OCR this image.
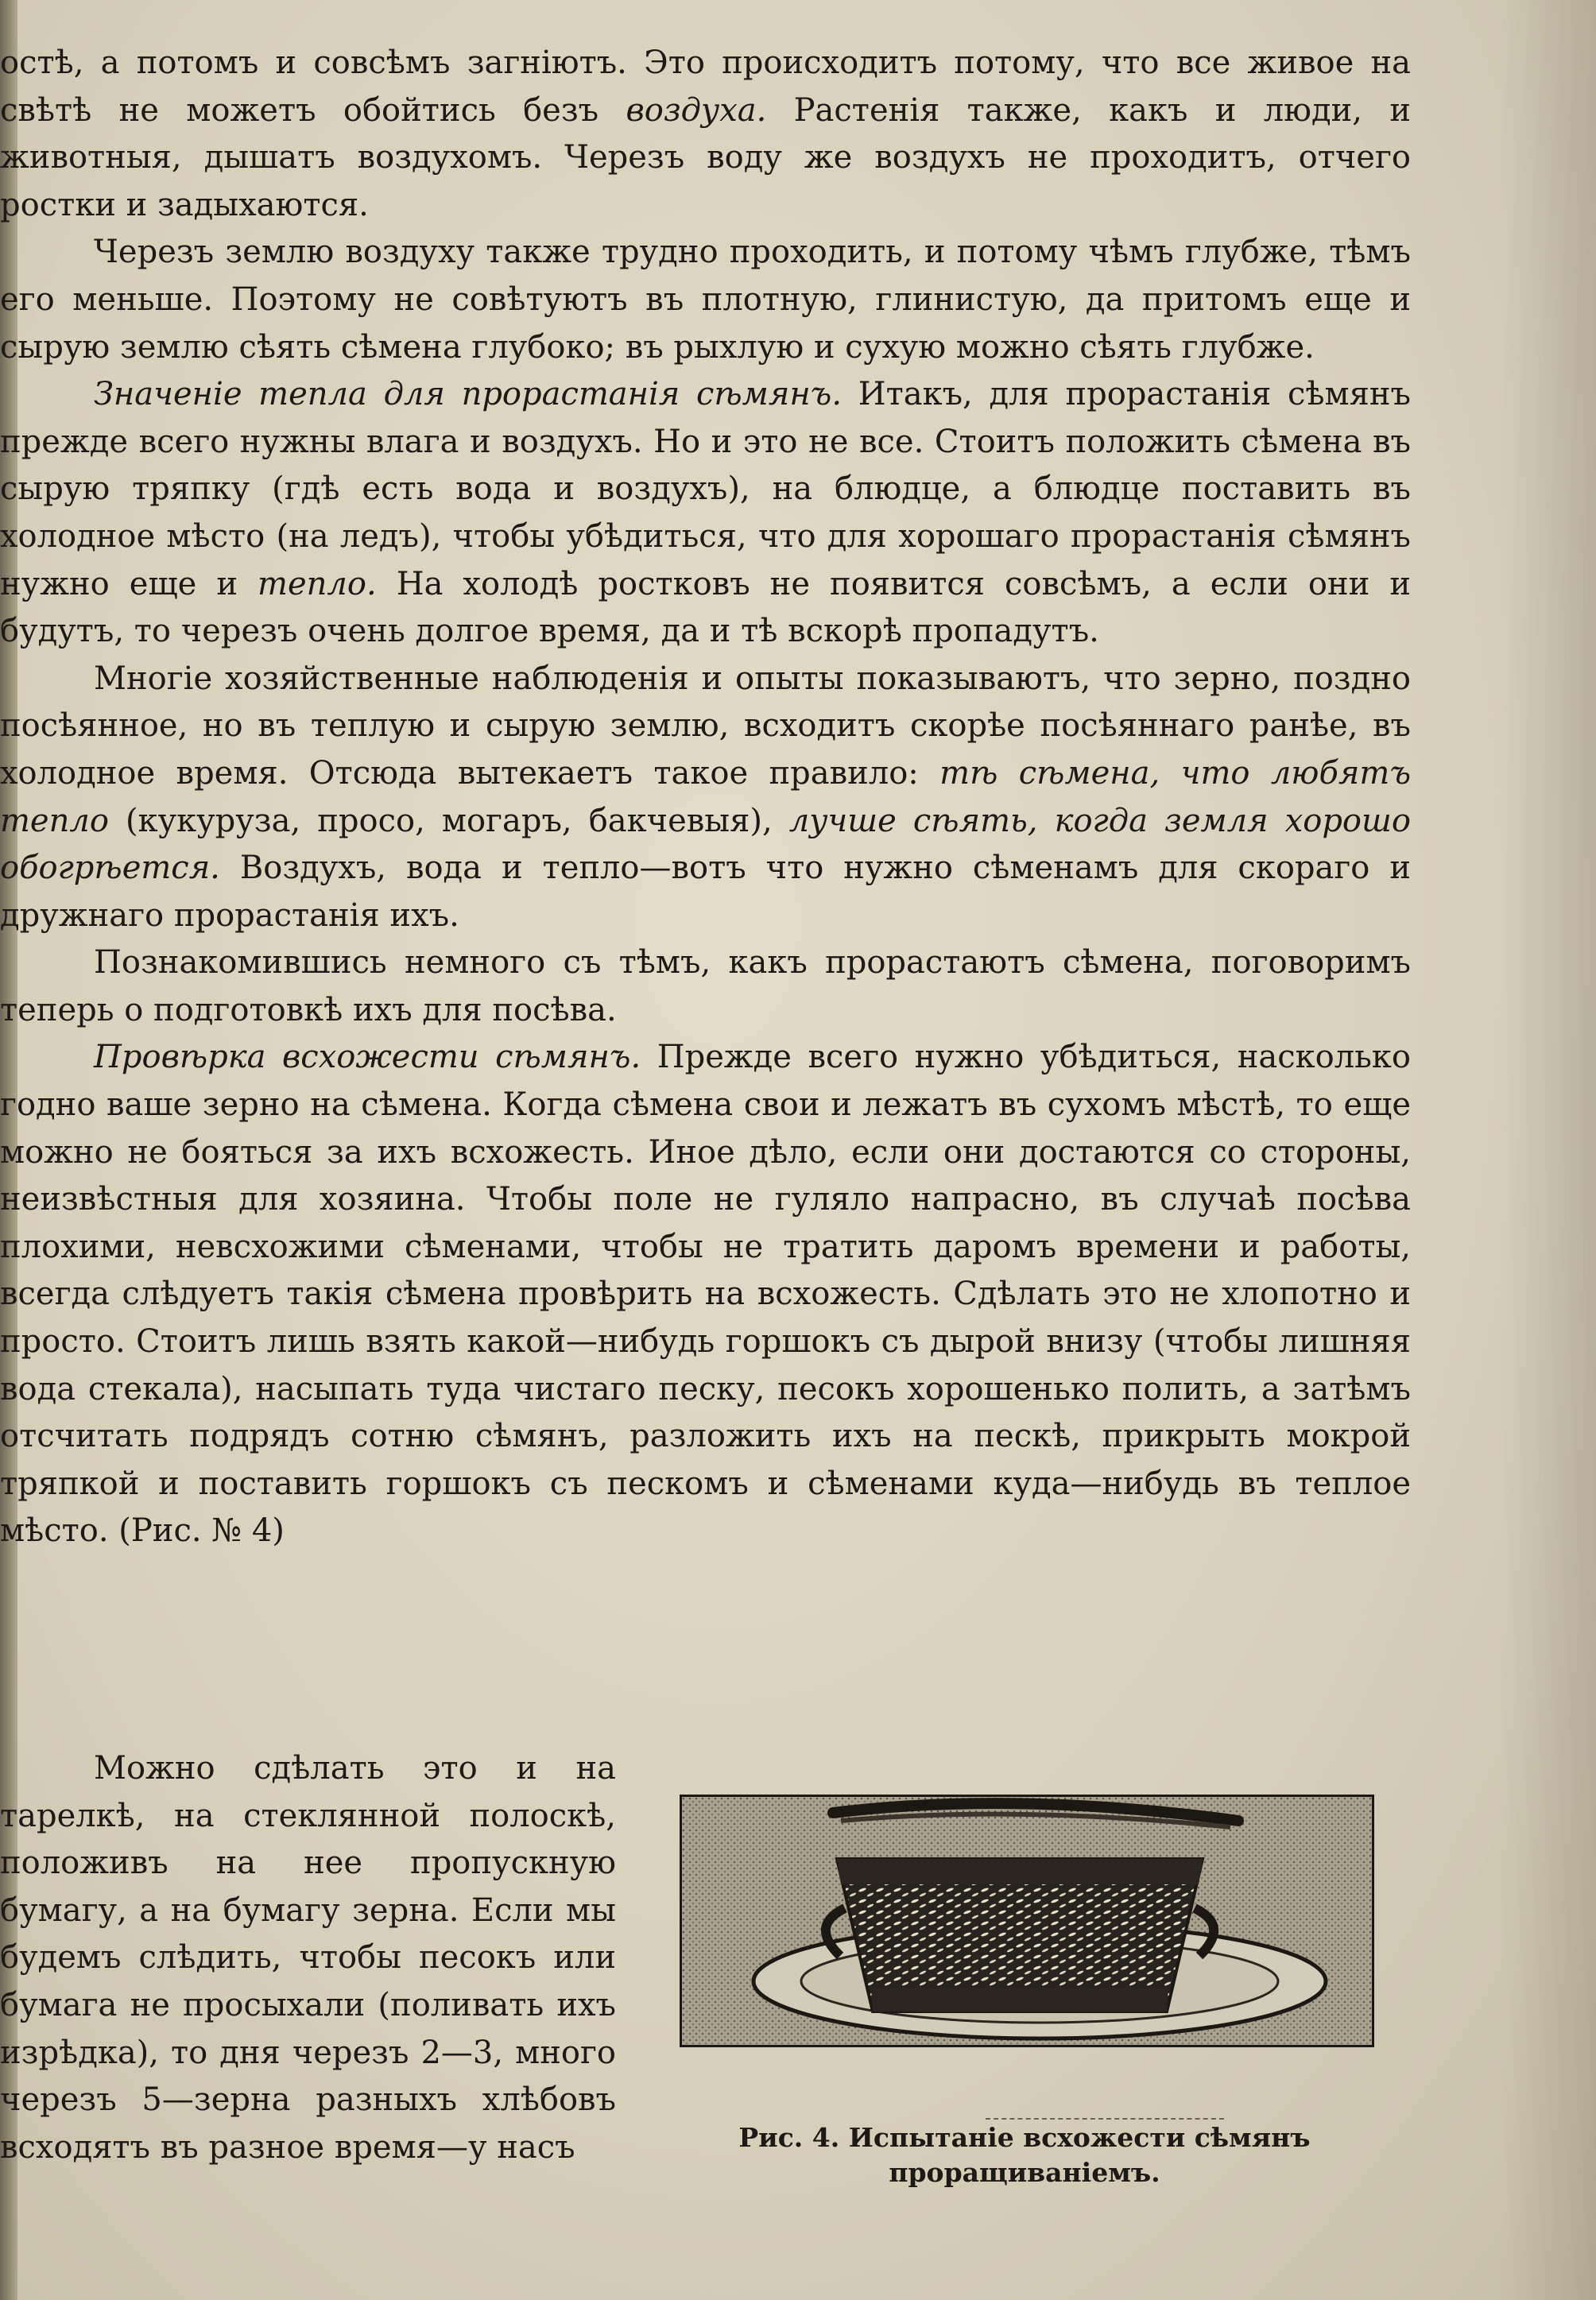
остѣ, а потомъ и совсѣмъ загніютъ. Это происходитъ потому, что все живое на свѣтѣ не можетъ обойтись безъ воздуха. Растенія также, какъ и люди, и животныя, дышатъ воздухомъ. Черезъ воду же воздухъ не проходитъ, отчего ростки и задыхаются.

Черезъ землю воздуху также трудно проходить, и потому чѣмъ глубже, тѣмъ его меньше. Поэтому не совѣтуютъ въ плотную, глинистую, да притомъ еще и сырую землю сѣять сѣмена глубоко; въ рыхлую и сухую можно сѣять глубже.

Значеніе тепла для прорастанія сѣмянъ. Итакъ, для прорастанія сѣмянъ прежде всего нужны влага и воздухъ. Но и это не все. Стоитъ положить сѣмена въ сырую тряпку (гдѣ есть вода и воздухъ), на блюдце, а блюдце поставить въ холодное мѣсто (на ледъ), чтобы убѣдиться, что для хорошаго прорастанія сѣмянъ нужно еще и тепло. На холодѣ ростковъ не появится совсѣмъ, а если они и будутъ, то черезъ очень долгое время, да и тѣ вскорѣ пропадутъ.

Многіе хозяйственные наблюденія и опыты показываютъ, что зерно, поздно посѣянное, но въ теплую и сырую землю, всходитъ скорѣе посѣяннаго ранѣе, въ холодное время. Отсюда вытекаетъ такое правило: тѣ сѣмена, что любятъ тепло (кукуруза, просо, могаръ, бакчевыя), лучше сѣять, когда земля хорошо обогрѣется. Воздухъ, вода и тепло—вотъ что нужно сѣменамъ для скораго и дружнаго прорастанія ихъ.

Познакомившись немного съ тѣмъ, какъ прорастаютъ сѣмена, поговоримъ теперь о подготовкѣ ихъ для посѣва.

Провѣрка всхожести сѣмянъ. Прежде всего нужно убѣдиться, насколько годно ваше зерно на сѣмена. Когда сѣмена свои и лежатъ въ сухомъ мѣстѣ, то еще можно не бояться за ихъ всхожесть. Иное дѣло, если они достаются со стороны, неизвѣстныя для хозяина. Чтобы поле не гуляло напрасно, въ случаѣ посѣва плохими, невсхожими сѣменами, чтобы не тратить даромъ времени и работы, всегда слѣдуетъ такія сѣмена провѣрить на всхожесть. Сдѣлать это не хлопотно и просто. Стоитъ лишь взять какой—нибудь горшокъ съ дырой внизу (чтобы лишняя вода стекала), насыпать туда чистаго песку, песокъ хорошенько полить, а затѣмъ отсчитать подрядъ сотню сѣмянъ, разложить ихъ на пескѣ, прикрыть мокрой тряпкой и поставить горшокъ съ пескомъ и сѣменами куда—нибудь въ теплое мѣсто. (Рис. № 4)

Можно сдѣлать это и на тарелкѣ, на стеклянной полоскѣ, положивъ на нее пропускную бумагу, а на бумагу зерна. Если мы будемъ слѣдить, чтобы песокъ или бумага не просыхали (поливать ихъ изрѣдка), то дня черезъ 2—3, много черезъ 5—зерна разныхъ хлѣбовъ всходятъ въ разное время—у насъ	Рис. 4. Испытаніе всхожести сѣмянъ
проращиваніемъ.
